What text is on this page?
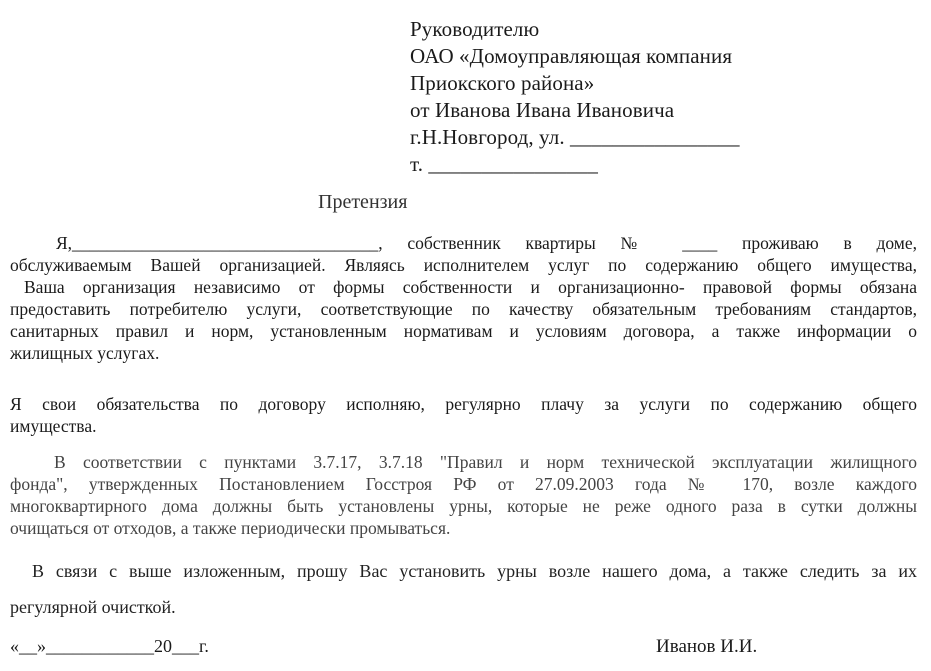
Руководителю
ОАО «Домоуправляющая компания
Приокского района»
от Иванова Ивана Ивановича
г.Н.Новгород, ул. ________________
т. ________________
Претензия
Я,___________________________________, собственник квартиры № ____ проживаю в доме,
обслуживаемым Вашей организацией. Являясь исполнителем услуг по содержанию общего имущества,
Ваша организация независимо от формы собственности и организационно- правовой формы обязана
предоставить потребителю услуги, соответствующие по качеству обязательным требованиям стандартов,
санитарных правил и норм, установленным нормативам и условиям договора, а также информации о
жилищных услугах.
Я свои обязательства по договору исполняю, регулярно плачу за услуги по содержанию общего
имущества.
В соответствии с пунктами 3.7.17, 3.7.18 "Правил и норм технической эксплуатации жилищного
фонда", утвержденных Постановлением Госстроя РФ от 27.09.2003 года № 170, возле каждого
многоквартирного дома должны быть установлены урны, которые не реже одного раза в сутки должны
очищаться от отходов, а также периодически промываться.
В связи с выше изложенным, прошу Вас установить урны возле нашего дома, а также следить за их
регулярной очисткой.
«__»____________20___г.	Иванов И.И.
